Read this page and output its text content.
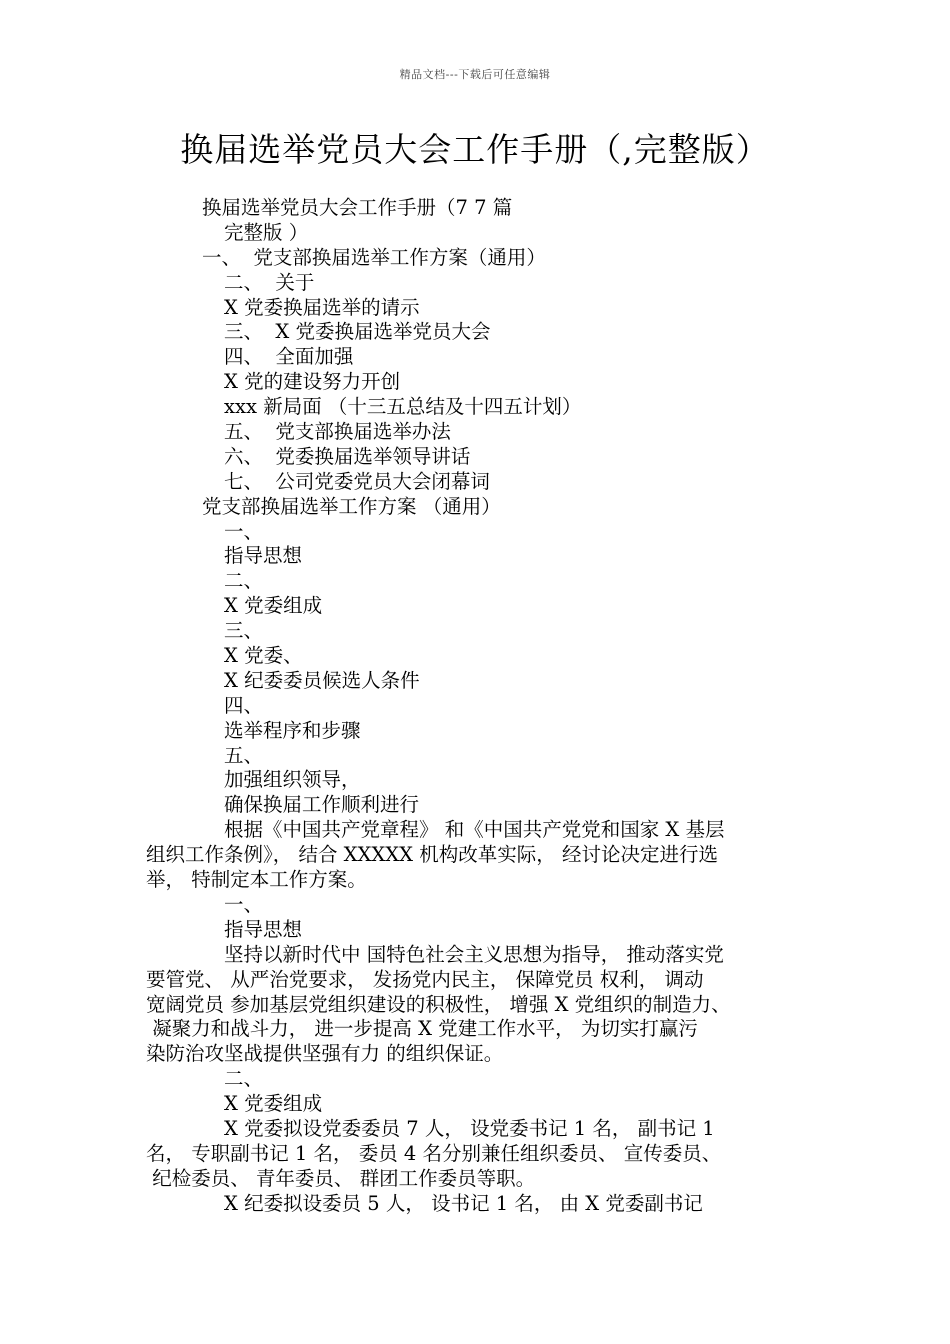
精品文档---下载后可任意编辑
换届选举党员大会工作手册（,完整版）
换届选举党员大会工作手册（7 7 篇
完整版 ）
一、  党支部换届选举工作方案（通用）
二、  关于
X 党委换届选举的请示
三、  X 党委换届选举党员大会
四、  全面加强
X 党的建设努力开创
xxx 新局面 （十三五总结及十四五计划）
五、  党支部换届选举办法
六、  党委换届选举领导讲话
七、  公司党委党员大会闭幕词
党支部换届选举工作方案 （通用）
一、
指导思想
二、
X 党委组成
三、
X 党委、
X 纪委委员候选人条件
四、
选举程序和步骤
五、
加强组织领导，
确保换届工作顺利进行
根据《中国共产党章程》 和《中国共产党党和国家 X 基层
组织工作条例》， 结合 XXXXX 机构改革实际， 经讨论决定进行选
举， 特制定本工作方案。
一、
指导思想
坚持以新时代中 国特色社会主义思想为指导， 推动落实党
要管党、 从严治党要求， 发扬党内民主， 保障党员 权利， 调动
宽阔党员 参加基层党组织建设的积极性， 增强 X 党组织的制造力、
凝聚力和战斗力， 进一步提高 X 党建工作水平， 为切实打赢污
染防治攻坚战提供坚强有力 的组织保证。
二、
X 党委组成
X 党委拟设党委委员 7 人， 设党委书记 1 名， 副书记 1
名， 专职副书记 1 名， 委员 4 名分别兼任组织委员、 宣传委员、
纪检委员、 青年委员、 群团工作委员等职。
X 纪委拟设委员 5 人， 设书记 1 名， 由 X 党委副书记
